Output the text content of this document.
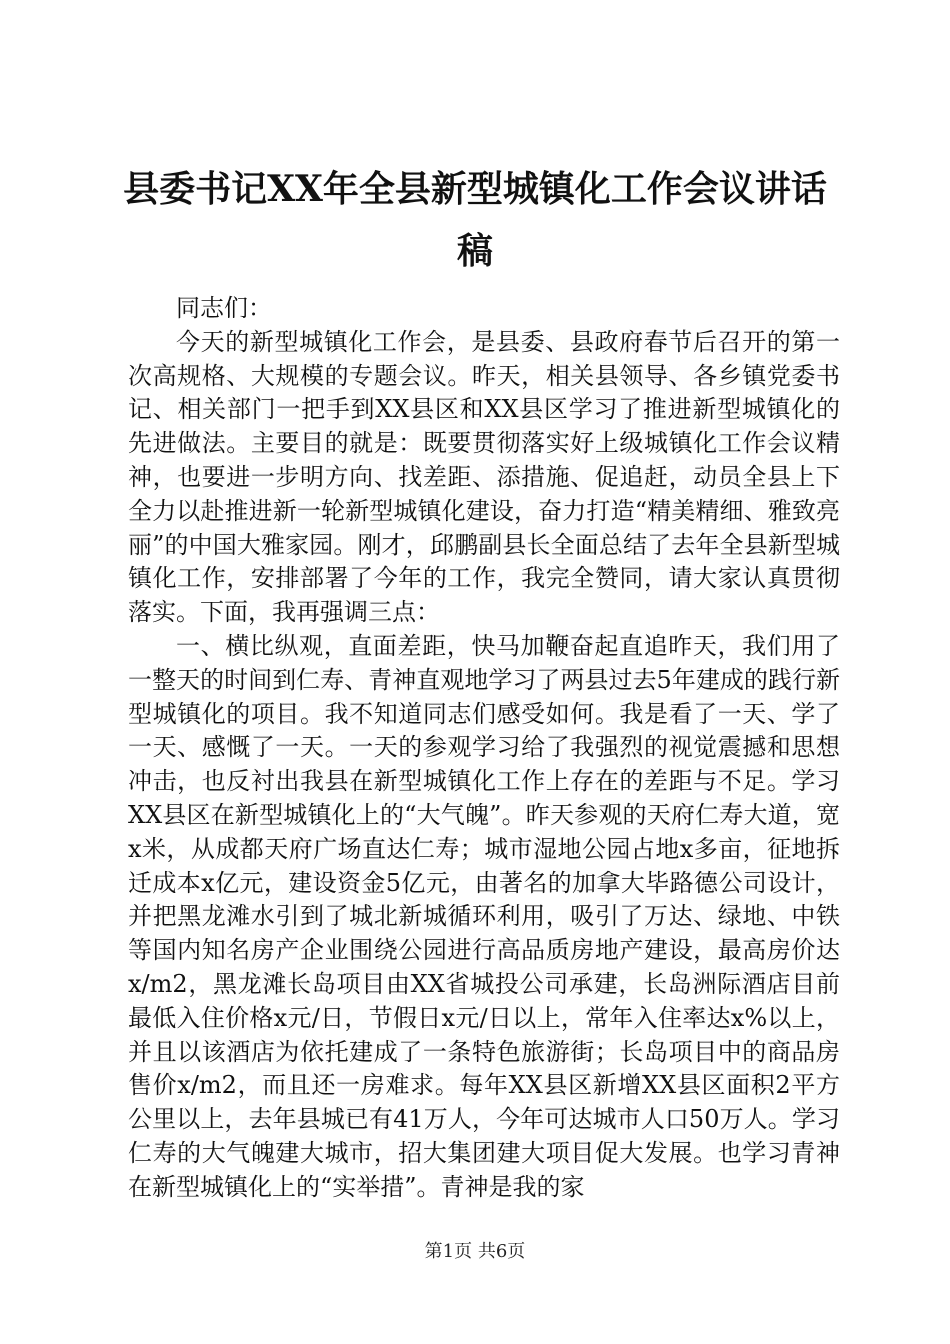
县委书记XX年全县新型城镇化工作会议讲话稿

同志们：

今天的新型城镇化工作会，是县委、县政府春节后召开的第一次高规格、大规模的专题会议。昨天，相关县领导、各乡镇党委书记、相关部门一把手到XX县区和XX县区学习了推进新型城镇化的先进做法。主要目的就是：既要贯彻落实好上级城镇化工作会议精神，也要进一步明方向、找差距、添措施、促追赶，动员全县上下全力以赴推进新一轮新型城镇化建设，奋力打造“精美精细、雅致亮丽”的中国大雅家园。刚才，邱鹏副县长全面总结了去年全县新型城镇化工作，安排部署了今年的工作，我完全赞同，请大家认真贯彻落实。下面，我再强调三点：

一、横比纵观，直面差距，快马加鞭奋起直追昨天，我们用了一整天的时间到仁寿、青神直观地学习了两县过去5年建成的践行新型城镇化的项目。我不知道同志们感受如何。我是看了一天、学了一天、感慨了一天。一天的参观学习给了我强烈的视觉震撼和思想冲击，也反衬出我县在新型城镇化工作上存在的差距与不足。学习XX县区在新型城镇化上的“大气魄”。昨天参观的天府仁寿大道，宽x米，从成都天府广场直达仁寿；城市湿地公园占地x多亩，征地拆迁成本x亿元，建设资金5亿元，由著名的加拿大毕路德公司设计，并把黑龙滩水引到了城北新城循环利用，吸引了万达、绿地、中铁等国内知名房产企业围绕公园进行高品质房地产建设，最高房价达x/m2，黑龙滩长岛项目由XX省城投公司承建，长岛洲际酒店目前最低入住价格x元/日，节假日x元/日以上，常年入住率达x%以上，并且以该酒店为依托建成了一条特色旅游街；长岛项目中的商品房售价x/m2，而且还一房难求。每年XX县区新增XX县区面积2平方公里以上，去年县城已有41万人，今年可达城市人口50万人。学习仁寿的大气魄建大城市，招大集团建大项目促大发展。也学习青神在新型城镇化上的“实举措”。青神是我的家

第1页 共6页
